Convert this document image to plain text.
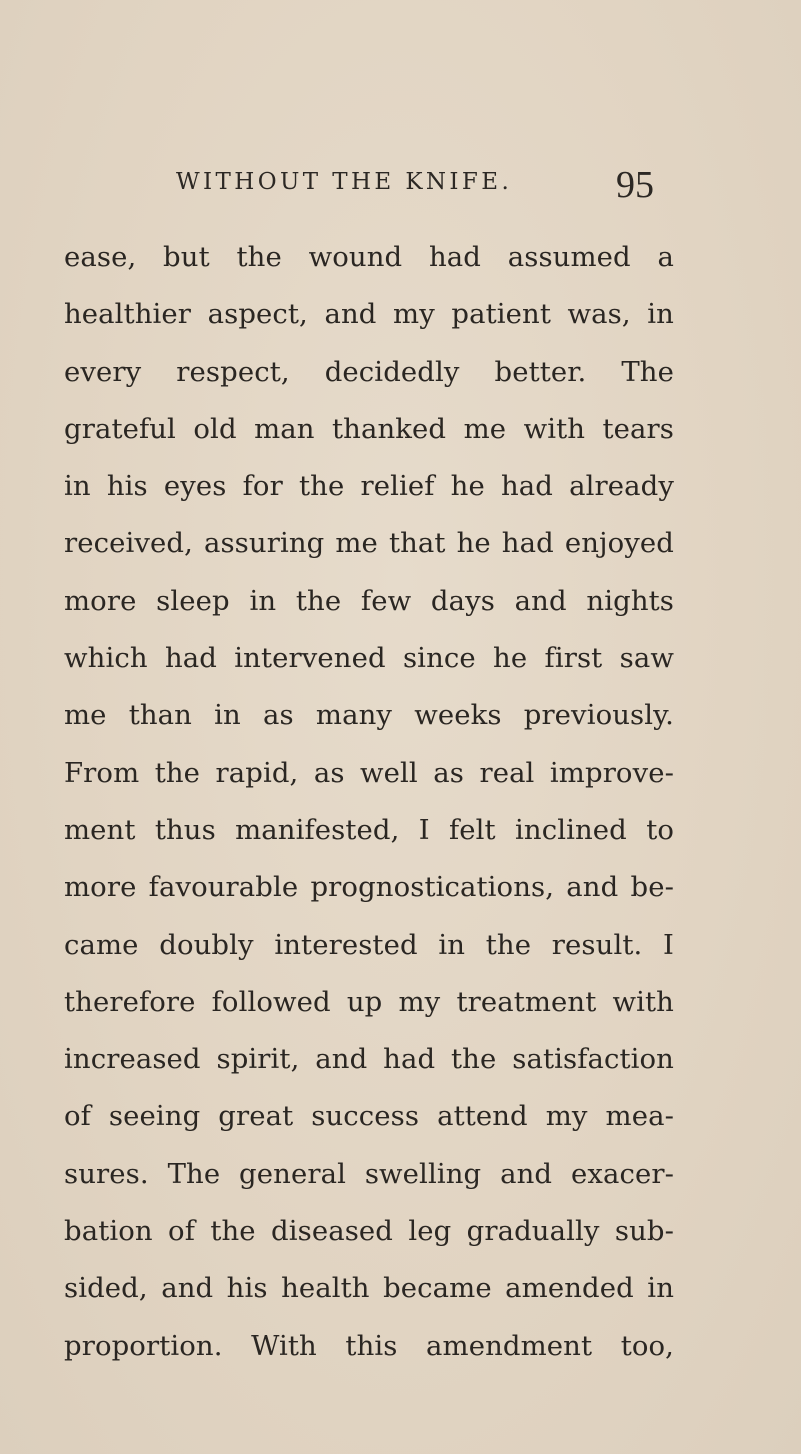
WITHOUT THE KNIFE.	95
ease, but the wound had assumed a
healthier aspect, and my patient was, in
every respect, decidedly better. The
grateful old man thanked me with tears
in his eyes for the relief he had already
received, assuring me that he had enjoyed
more sleep in the few days and nights
which had intervened since he first saw
me than in as many weeks previously.
From the rapid, as well as real improve-
ment thus manifested, I felt inclined to
more favourable prognostications, and be-
came doubly interested in the result. I
therefore followed up my treatment with
increased spirit, and had the satisfaction
of seeing great success attend my mea-
sures. The general swelling and exacer-
bation of the diseased leg gradually sub-
sided, and his health became amended in
proportion. With this amendment too,
